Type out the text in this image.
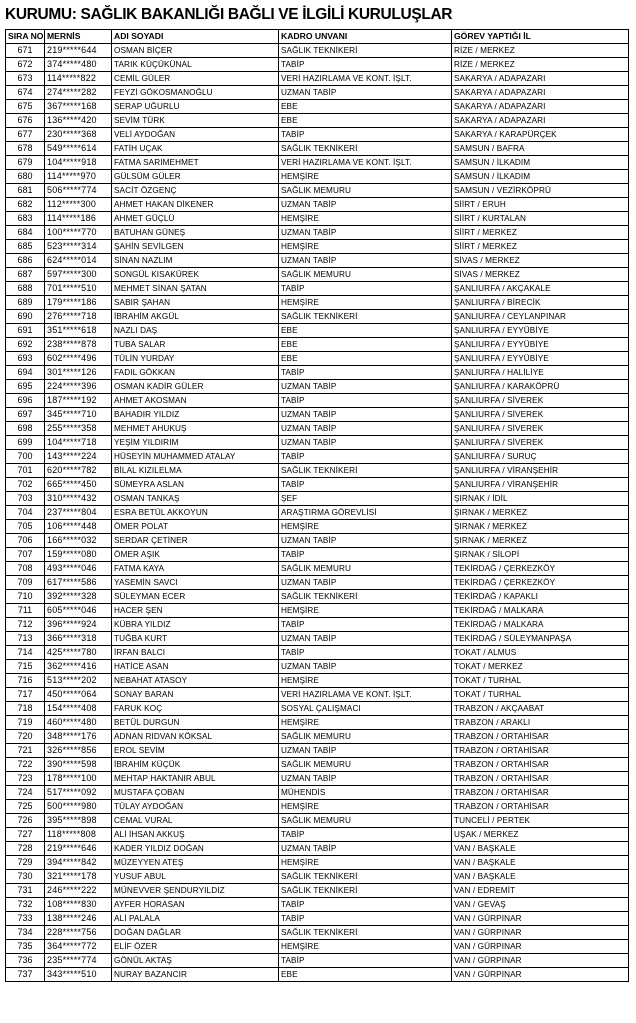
KURUMU: SAĞLIK BAKANLIĞI BAĞLI VE İLGİLİ KURULUŞLAR
SIRA NO	MERNİS	ADI SOYADI	KADRO UNVANI	GÖREV YAPTIĞI İL
671	219*****644	OSMAN BİÇER	SAĞLIK TEKNİKERİ	RİZE / MERKEZ
672	374*****480	TARIK KÜÇÜKÜNAL	TABİP	RİZE / MERKEZ
673	114*****822	CEMİL GÜLER	VERİ HAZIRLAMA VE KONT. İŞLT.	SAKARYA / ADAPAZARI
674	274*****282	FEYZİ GÖKOSMANOĞLU	UZMAN TABİP	SAKARYA / ADAPAZARI
675	367*****168	SERAP UĞURLU	EBE	SAKARYA / ADAPAZARI
676	136*****420	SEVİM TÜRK	EBE	SAKARYA / ADAPAZARI
677	230*****368	VELİ AYDOĞAN	TABİP	SAKARYA / KARAPÜRÇEK
678	549*****614	FATİH UÇAK	SAĞLIK TEKNİKERİ	SAMSUN / BAFRA
679	104*****918	FATMA SARIMEHMET	VERİ HAZIRLAMA VE KONT. İŞLT.	SAMSUN / İLKADIM
680	114*****970	GÜLSÜM GÜLER	HEMŞİRE	SAMSUN / İLKADIM
681	506*****774	SACİT ÖZGENÇ	SAĞLIK MEMURU	SAMSUN / VEZİRKÖPRÜ
682	112*****300	AHMET HAKAN DİKENER	UZMAN TABİP	SİİRT / ERUH
683	114*****186	AHMET GÜÇLÜ	HEMŞİRE	SİİRT / KURTALAN
684	100*****770	BATUHAN GÜNEŞ	UZMAN TABİP	SİİRT / MERKEZ
685	523*****314	ŞAHİN SEVİLGEN	HEMŞİRE	SİİRT / MERKEZ
686	624*****014	SİNAN NAZLIM	UZMAN TABİP	SİVAS / MERKEZ
687	597*****300	SONGÜL KISAKÜREK	SAĞLIK MEMURU	SİVAS / MERKEZ
688	701*****510	MEHMET SİNAN ŞATAN	TABİP	ŞANLIURFA / AKÇAKALE
689	179*****186	SABIR ŞAHAN	HEMŞİRE	ŞANLIURFA / BİRECİK
690	276*****718	İBRAHİM AKGÜL	SAĞLIK TEKNİKERİ	ŞANLIURFA / CEYLANPINAR
691	351*****618	NAZLI DAŞ	EBE	ŞANLIURFA / EYYÜBİYE
692	238*****878	TUBA SALAR	EBE	ŞANLIURFA / EYYÜBİYE
693	602*****496	TÜLİN YURDAY	EBE	ŞANLIURFA / EYYÜBİYE
694	301*****126	FADIL GÖKKAN	TABİP	ŞANLIURFA / HALİLİYE
695	224*****396	OSMAN KADİR GÜLER	UZMAN TABİP	ŞANLIURFA / KARAKÖPRÜ
696	187*****192	AHMET AKOSMAN	TABİP	ŞANLIURFA / SİVEREK
697	345*****710	BAHADIR YILDIZ	UZMAN TABİP	ŞANLIURFA / SİVEREK
698	255*****358	MEHMET AHUKUŞ	UZMAN TABİP	ŞANLIURFA / SİVEREK
699	104*****718	YEŞİM YILDIRIM	UZMAN TABİP	ŞANLIURFA / SİVEREK
700	143*****224	HÜSEYİN MUHAMMED ATALAY	TABİP	ŞANLIURFA / SURUÇ
701	620*****782	BİLAL KIZILELMA	SAĞLIK TEKNİKERİ	ŞANLIURFA / VİRANŞEHİR
702	665*****450	SÜMEYRA ASLAN	TABİP	ŞANLIURFA / VİRANŞEHİR
703	310*****432	OSMAN TANKAŞ	ŞEF	ŞIRNAK / İDİL
704	237*****804	ESRA BETÜL AKKOYUN	ARAŞTIRMA GÖREVLİSİ	ŞIRNAK / MERKEZ
705	106*****448	ÖMER POLAT	HEMŞİRE	ŞIRNAK / MERKEZ
706	166*****032	SERDAR ÇETİNER	UZMAN TABİP	ŞIRNAK / MERKEZ
707	159*****080	ÖMER AŞIK	TABİP	ŞIRNAK / SİLOPİ
708	493*****046	FATMA KAYA	SAĞLIK MEMURU	TEKİRDAĞ / ÇERKEZKÖY
709	617*****586	YASEMİN SAVCI	UZMAN TABİP	TEKİRDAĞ / ÇERKEZKÖY
710	392*****328	SÜLEYMAN ECER	SAĞLIK TEKNİKERİ	TEKİRDAĞ / KAPAKLI
711	605*****046	HACER ŞEN	HEMŞİRE	TEKİRDAĞ / MALKARA
712	396*****924	KÜBRA YILDIZ	TABİP	TEKİRDAĞ / MALKARA
713	366*****318	TUĞBA KURT	UZMAN TABİP	TEKİRDAĞ / SÜLEYMANPAŞA
714	425*****780	İRFAN BALCI	TABİP	TOKAT / ALMUS
715	362*****416	HATİCE ASAN	UZMAN TABİP	TOKAT / MERKEZ
716	513*****202	NEBAHAT ATASOY	HEMŞİRE	TOKAT / TURHAL
717	450*****064	SONAY BARAN	VERİ HAZIRLAMA VE KONT. İŞLT.	TOKAT / TURHAL
718	154*****408	FARUK KOÇ	SOSYAL ÇALIŞMACI	TRABZON / AKÇAABAT
719	460*****480	BETÜL DURGUN	HEMŞİRE	TRABZON / ARAKLI
720	348*****176	ADNAN RIDVAN KÖKSAL	SAĞLIK MEMURU	TRABZON / ORTAHİSAR
721	326*****856	EROL SEVİM	UZMAN TABİP	TRABZON / ORTAHİSAR
722	390*****598	İBRAHİM KÜÇÜK	SAĞLIK MEMURU	TRABZON / ORTAHİSAR
723	178*****100	MEHTAP HAKTANIR ABUL	UZMAN TABİP	TRABZON / ORTAHİSAR
724	517*****092	MUSTAFA ÇOBAN	MÜHENDİS	TRABZON / ORTAHİSAR
725	500*****980	TÜLAY AYDOĞAN	HEMŞİRE	TRABZON / ORTAHİSAR
726	395*****898	CEMAL VURAL	SAĞLIK MEMURU	TUNCELİ / PERTEK
727	118*****808	ALİ İHSAN AKKUŞ	TABİP	UŞAK / MERKEZ
728	219*****646	KADER YILDIZ DOĞAN	UZMAN TABİP	VAN / BAŞKALE
729	394*****842	MÜZEYYEN ATEŞ	HEMŞİRE	VAN / BAŞKALE
730	321*****178	YUSUF ABUL	SAĞLIK TEKNİKERİ	VAN / BAŞKALE
731	246*****222	MÜNEVVER ŞENDURYILDIZ	SAĞLIK TEKNİKERİ	VAN / EDREMİT
732	108*****830	AYFER HORASAN	TABİP	VAN / GEVAŞ
733	138*****246	ALİ PALALA	TABİP	VAN / GÜRPINAR
734	228*****756	DOĞAN DAĞLAR	SAĞLIK TEKNİKERİ	VAN / GÜRPINAR
735	364*****772	ELİF ÖZER	HEMŞİRE	VAN / GÜRPINAR
736	235*****774	GÖNÜL AKTAŞ	TABİP	VAN / GÜRPINAR
737	343*****510	NURAY BAZANCIR	EBE	VAN / GÜRPINAR
